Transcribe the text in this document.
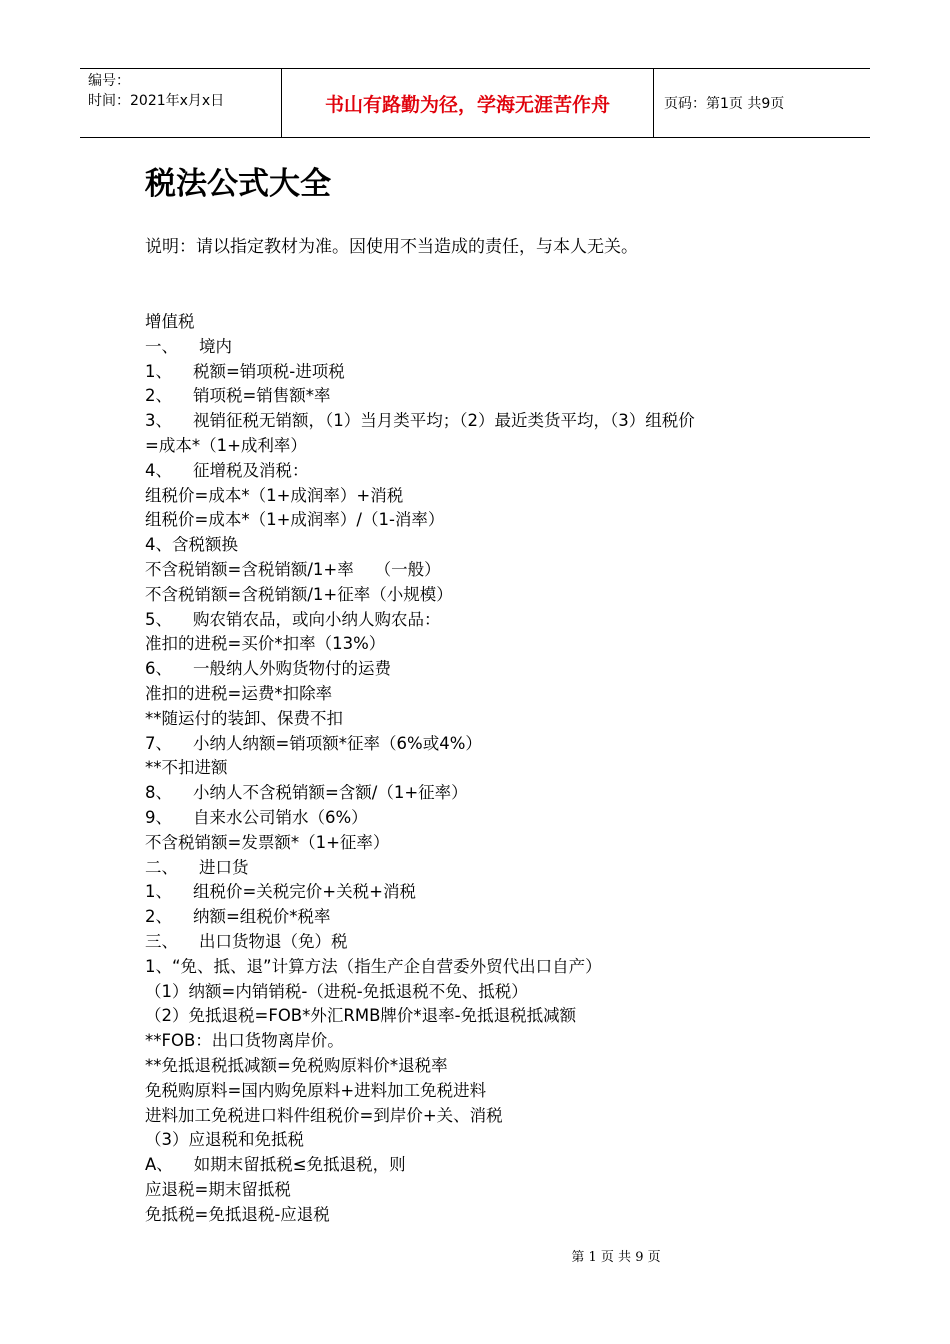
编号：
时间：2021年x月x日	书山有路勤为径，学海无涯苦作舟	页码：第1页 共9页
税法公式大全
说明：请以指定教材为准。因使用不当造成的责任，与本人无关。
增值税
一、    境内
1、    税额=销项税-进项税
2、    销项税=销售额*率
3、    视销征税无销额，（1）当月类平均；（2）最近类货平均，（3）组税价
=成本*（1+成利率）
4、    征增税及消税：
组税价=成本*（1+成润率）+消税
组税价=成本*（1+成润率）/（1-消率）
4、含税额换
不含税销额=含税销额/1+率    （一般）
不含税销额=含税销额/1+征率（小规模）
5、    购农销农品，或向小纳人购农品：
准扣的进税=买价*扣率（13%）
6、    一般纳人外购货物付的运费
准扣的进税=运费*扣除率
**随运付的装卸、保费不扣
7、    小纳人纳额=销项额*征率（6%或4%）
**不扣进额
8、    小纳人不含税销额=含额/（1+征率）
9、    自来水公司销水（6%）
不含税销额=发票额*（1+征率）
二、    进口货
1、    组税价=关税完价+关税+消税
2、    纳额=组税价*税率
三、    出口货物退（免）税
1、“免、抵、退”计算方法（指生产企自营委外贸代出口自产）
（1）纳额=内销销税-（进税-免抵退税不免、抵税）
（2）免抵退税=FOB*外汇RMB牌价*退率-免抵退税抵减额
**FOB：出口货物离岸价。
**免抵退税抵减额=免税购原料价*退税率
免税购原料=国内购免原料+进料加工免税进料
进料加工免税进口料件组税价=到岸价+关、消税
（3）应退税和免抵税
A、    如期末留抵税≤免抵退税，则
应退税=期末留抵税
免抵税=免抵退税-应退税
第 1 页 共 9 页
